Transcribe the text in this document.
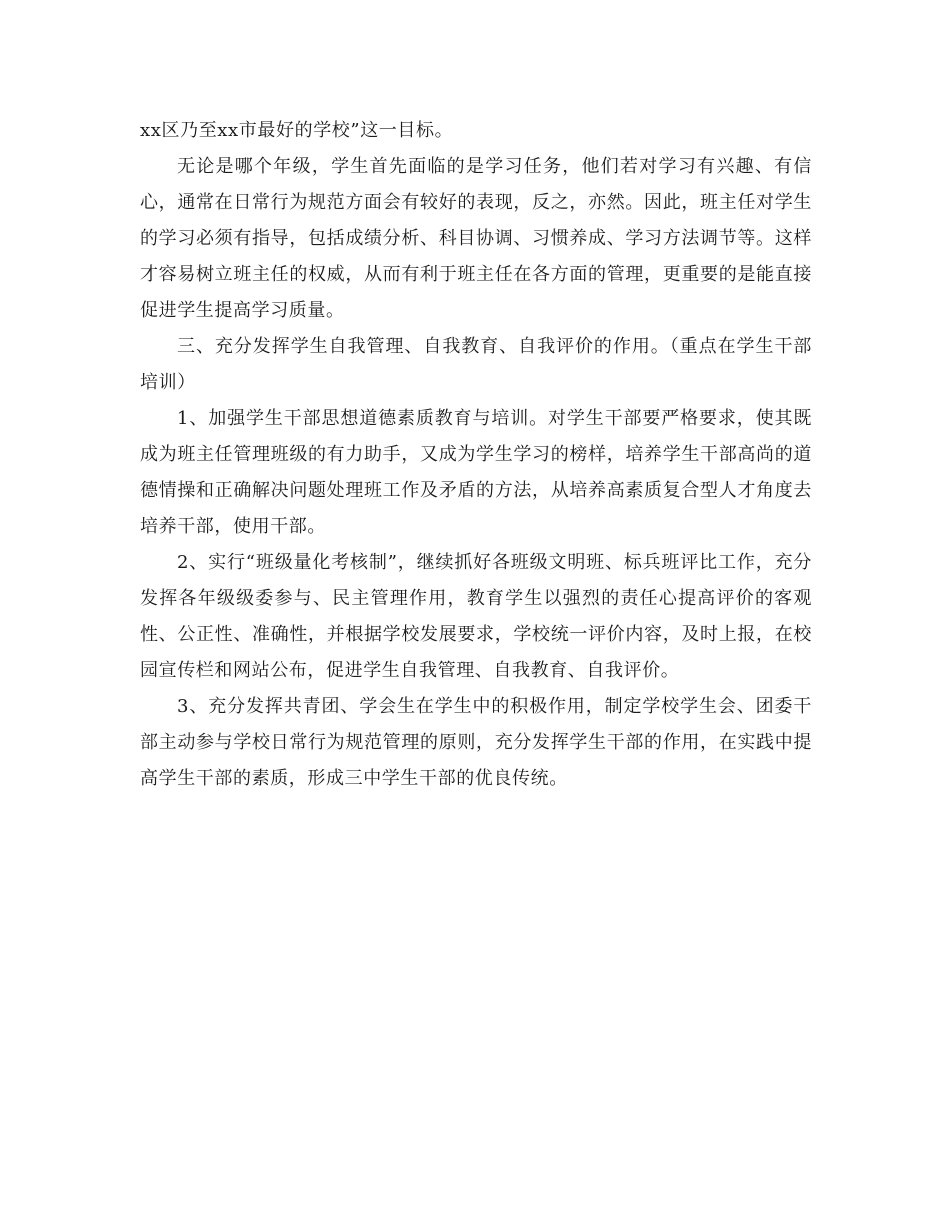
xx区乃至xx市最好的学校”这一目标。

无论是哪个年级，学生首先面临的是学习任务，他们若对学习有兴趣、有信心，通常在日常行为规范方面会有较好的表现，反之，亦然。因此，班主任对学生的学习必须有指导，包括成绩分析、科目协调、习惯养成、学习方法调节等。这样才容易树立班主任的权威，从而有利于班主任在各方面的管理，更重要的是能直接促进学生提高学习质量。

三、充分发挥学生自我管理、自我教育、自我评价的作用。（重点在学生干部培训）

1、加强学生干部思想道德素质教育与培训。对学生干部要严格要求，使其既成为班主任管理班级的有力助手，又成为学生学习的榜样，培养学生干部高尚的道德情操和正确解决问题处理班工作及矛盾的方法，从培养高素质复合型人才角度去培养干部，使用干部。

2、实行“班级量化考核制”，继续抓好各班级文明班、标兵班评比工作，充分发挥各年级级委参与、民主管理作用，教育学生以强烈的责任心提高评价的客观性、公正性、准确性，并根据学校发展要求，学校统一评价内容，及时上报，在校园宣传栏和网站公布，促进学生自我管理、自我教育、自我评价。

3、充分发挥共青团、学会生在学生中的积极作用，制定学校学生会、团委干部主动参与学校日常行为规范管理的原则，充分发挥学生干部的作用，在实践中提高学生干部的素质，形成三中学生干部的优良传统。
